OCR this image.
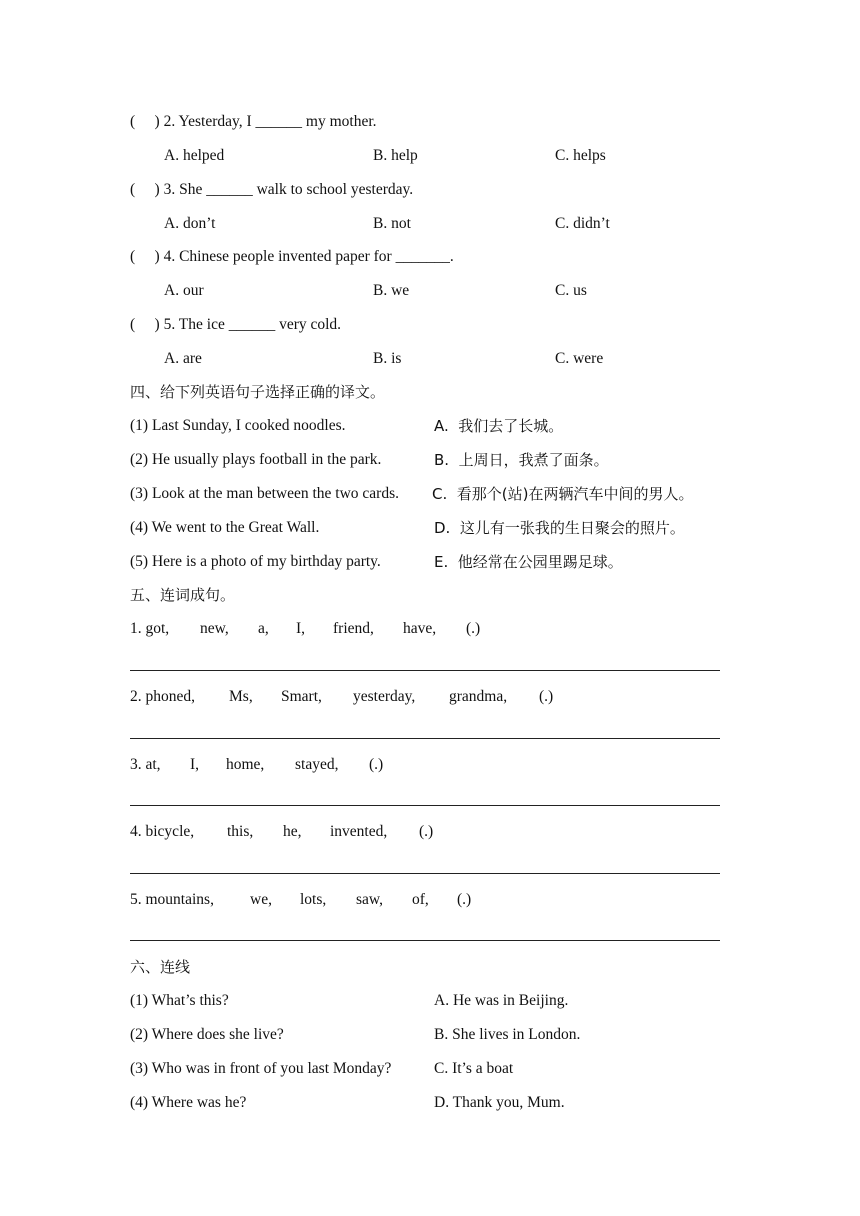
(     ) 2. Yesterday, I ______ my mother.
A. helped	B. help	C. helps
(     ) 3. She ______ walk to school yesterday.
A. don’t	B. not	C. didn’t
(     ) 4. Chinese people invented paper for _______.
A. our	B. we	C. us
(     ) 5. The ice ______ very cold.
A. are	B. is	C. were
四、给下列英语句子选择正确的译文。
(1) Last Sunday, I cooked noodles.	A.  我们去了长城。
(2) He usually plays football in the park.	B.  上周日，我煮了面条。
(3) Look at the man between the two cards. C.  看那个(站)在两辆汽车中间的男人。
(4) We went to the Great Wall.	D.  这儿有一张我的生日聚会的照片。
(5) Here is a photo of my birthday party.	E.  他经常在公园里踢足球。
五、连词成句。
1. got, new, a, I, friend, have, (.)
2. phoned, Ms, Smart, yesterday, grandma, (.)
3. at, I, home, stayed, (.)
4. bicycle, this, he, invented, (.)
5. mountains, we, lots, saw, of, (.)
六、连线
(1) What’s this?	A. He was in Beijing.
(2) Where does she live?	B. She lives in London.
(3) Who was in front of you last Monday?	C. It’s a boat
(4) Where was he?	D. Thank you, Mum.
